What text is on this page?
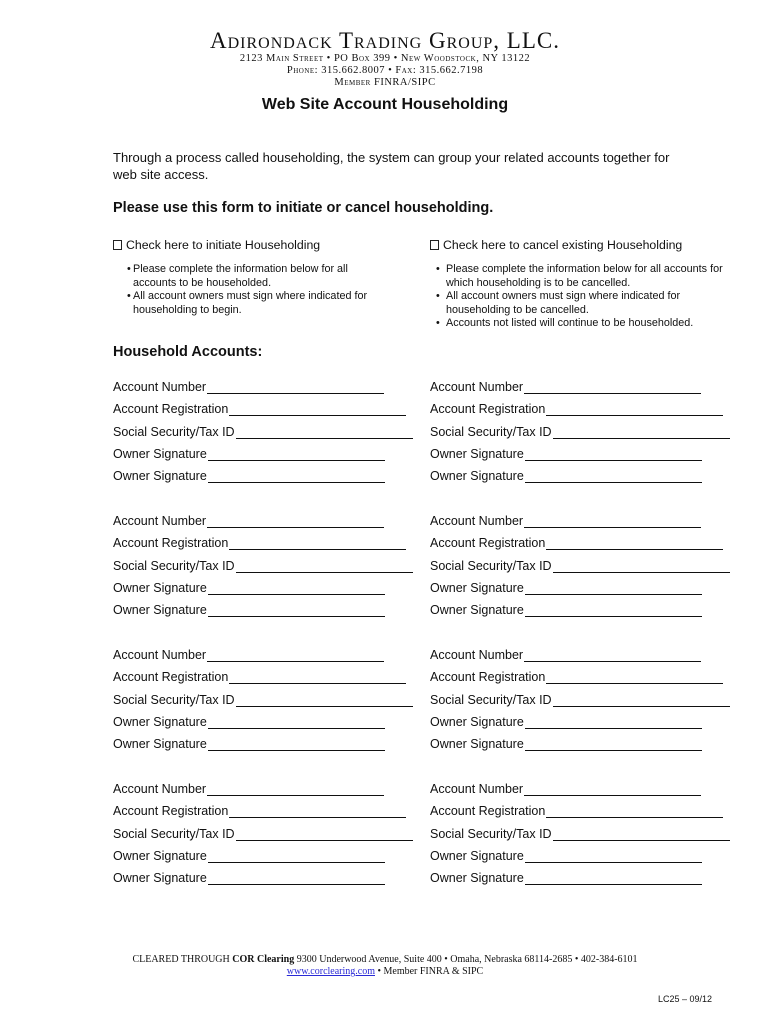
Adirondack Trading Group, LLC.
2123 Main Street • PO Box 399 • New Woodstock, NY 13122
Phone: 315.662.8007 • Fax: 315.662.7198
Member FINRA/SIPC
Web Site Account Householding
Through a process called householding, the system can group your related accounts together for web site access.
Please use this form to initiate or cancel householding.
Check here to initiate Householding
• Please complete the information below for all accounts to be householded.
• All account owners must sign where indicated for householding to begin.
Check here to cancel existing Householding
• Please complete the information below for all accounts for which householding is to be cancelled.
• All account owners must sign where indicated for householding to be cancelled.
• Accounts not listed will continue to be householded.
Household Accounts:
Account Number
Account Registration
Social Security/Tax ID
Owner Signature
Owner Signature
Account Number
Account Registration
Social Security/Tax ID
Owner Signature
Owner Signature
Account Number
Account Registration
Social Security/Tax ID
Owner Signature
Owner Signature
Account Number
Account Registration
Social Security/Tax ID
Owner Signature
Owner Signature
Account Number
Account Registration
Social Security/Tax ID
Owner Signature
Owner Signature
Account Number
Account Registration
Social Security/Tax ID
Owner Signature
Owner Signature
Account Number
Account Registration
Social Security/Tax ID
Owner Signature
Owner Signature
Account Number
Account Registration
Social Security/Tax ID
Owner Signature
Owner Signature
CLEARED THROUGH COR Clearing 9300 Underwood Avenue, Suite 400 • Omaha, Nebraska 68114-2685 • 402-384-6101
www.corclearing.com • Member FINRA & SIPC
LC25 – 09/12
